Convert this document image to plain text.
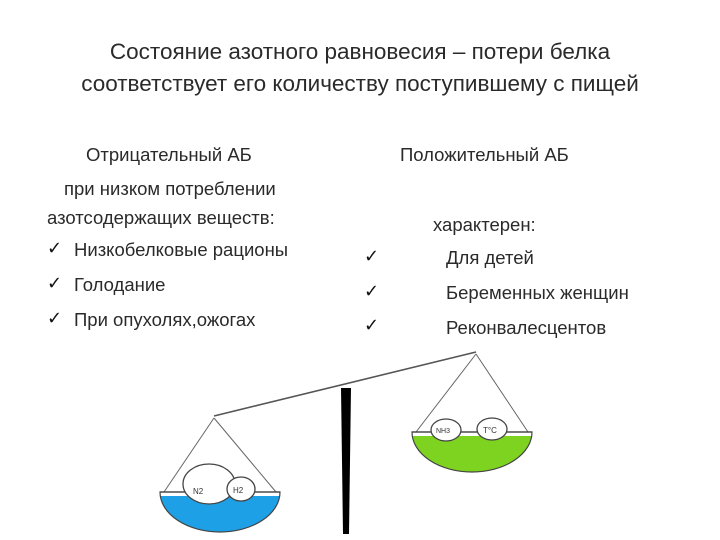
Состояние азотного равновесия – потери белка
соответствует его количеству поступившему с пищей
Отрицательный АБ
при низком потреблении
азотсодержащих веществ:
✓ Низкобелковые рационы
✓ Голодание
✓ При опухолях,ожогах
Положительный АБ
характерен:
✓	Для детей
✓	Беременных женщин
✓	Реконвалесцентов
N2	H2
NH3	T°C
